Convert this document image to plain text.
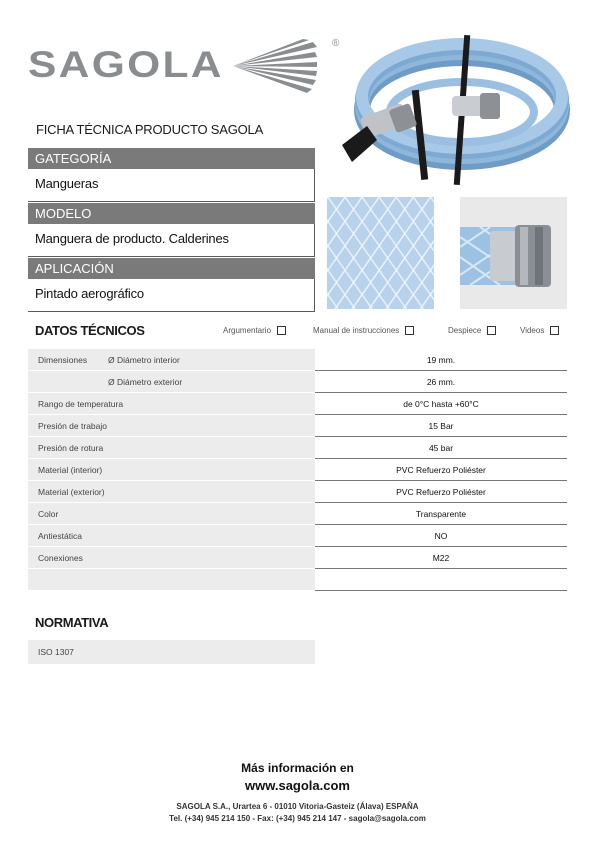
SAGOLA
®
FICHA TÉCNICA PRODUCTO SAGOLA
GATEGORÍA
Mangueras
MODELO
Manguera de producto. Calderines
APLICACIÓN
Pintado aerográfico
DATOS TÉCNICOS	Argumentario	Manual de instrucciones	Despiece	Videos
Dimensiones Ø Diámetro interior	19 mm.
Ø Diámetro exterior	26 mm.
Rango de temperatura	de 0°C hasta +60°C
Presión de trabajo	15 Bar
Presión de rotura	45 bar
Material (interior)	PVC Refuerzo Poliéster
Material (exterior)	PVC Refuerzo Poliéster
Color	Transparente
Antiestática	NO
Conexiones	M22
NORMATIVA
ISO 1307
Más información en
www.sagola.com
SAGOLA S.A., Urartea 6 - 01010 Vitoria-Gasteiz (Álava) ESPAÑA
Tel. (+34) 945 214 150 - Fax: (+34) 945 214 147 - sagola@sagola.com
